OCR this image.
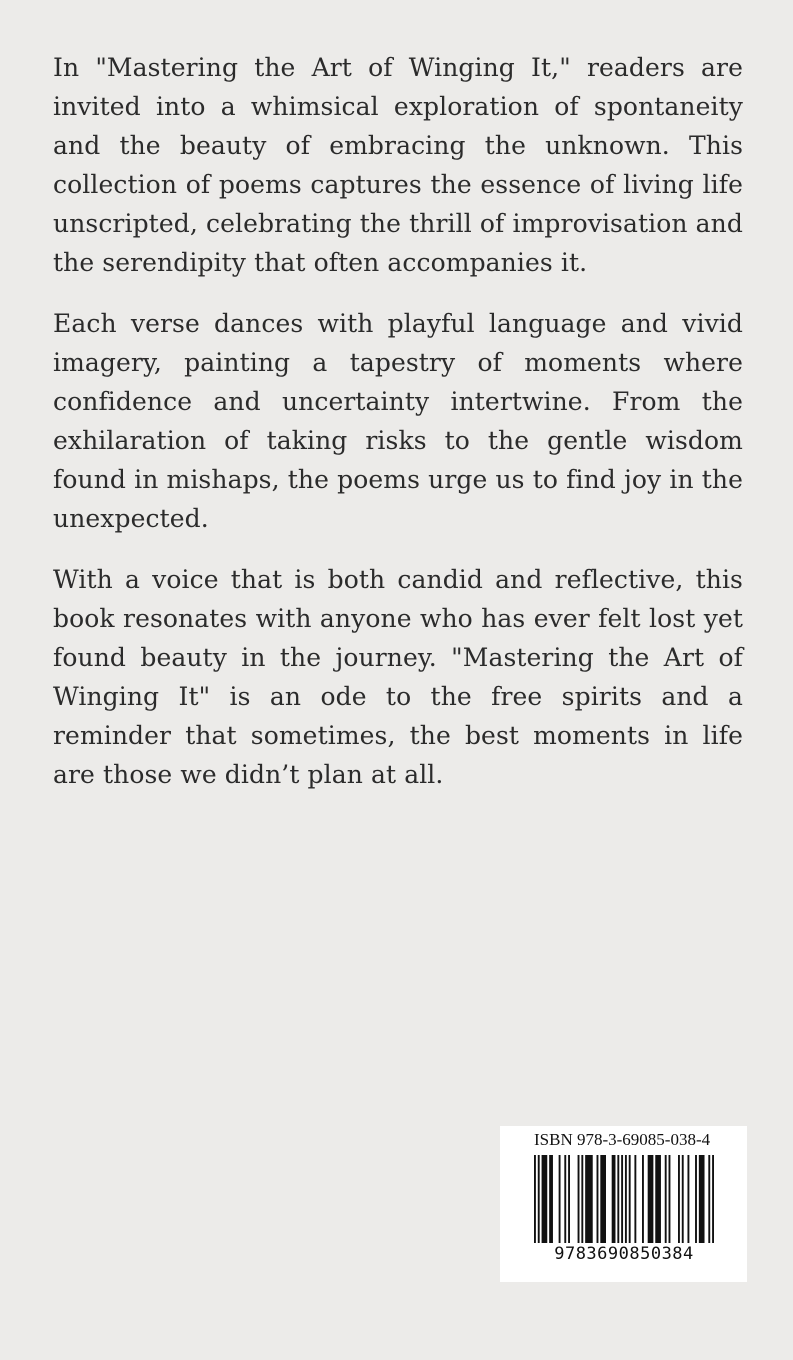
In "Mastering the Art of Winging It," readers are invited into a whimsical exploration of spontaneity and the beauty of embracing the unknown. This collection of poems captures the essence of living life unscripted, celebrating the thrill of improvisation and the serendipity that often accompanies it.

Each verse dances with playful language and vivid imagery, painting a tapestry of moments where confidence and uncertainty intertwine. From the exhilaration of taking risks to the gentle wisdom found in mishaps, the poems urge us to find joy in the unexpected.

With a voice that is both candid and reflective, this book resonates with anyone who has ever felt lost yet found beauty in the journey. "Mastering the Art of Winging It" is an ode to the free spirits and a reminder that sometimes, the best moments in life are those we didn’t plan at all.

ISBN 978-3-69085-038-4
9783690850384
